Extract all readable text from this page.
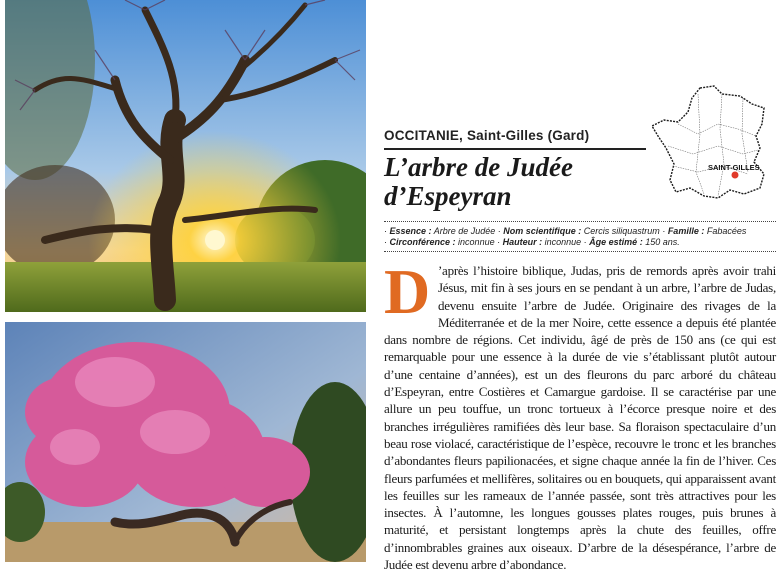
SAINT-GILLES
OCCITANIE, Saint-Gilles (Gard)
L’arbre de Judée
d’Espeyran
· Essence : Arbre de Judée · Nom scientifique : Cercis siliquastrum · Famille : Fabacées
· Circonférence : inconnue · Hauteur : inconnue · Âge estimé : 150 ans.

D ’après l’histoire biblique, Judas, pris de remords après avoir trahi Jésus, mit fin à ses jours en se pendant à un arbre, l’arbre de Judas, devenu ensuite l’arbre de Judée. Originaire des rivages de la Méditerranée et de la mer Noire, cette essence a depuis été plantée dans nombre de régions. Cet individu, âgé de près de 150 ans (ce qui est remarquable pour une essence à la durée de vie s’établissant plutôt autour d’une centaine d’années), est un des fleurons du parc arboré du château d’Espeyran, entre Costières et Camargue gardoise. Il se caractérise par une allure un peu touffue, un tronc tortueux à l’écorce presque noire et des branches irrégulières ramifiées dès leur base. Sa floraison spectaculaire d’un beau rose violacé, caractéristique de l’espèce, recouvre le tronc et les branches d’abondantes fleurs papilionacées, et signe chaque année la fin de l’hiver. Ces fleurs parfumées et mellifères, solitaires ou en bouquets, qui apparaissent avant les feuilles sur les rameaux de l’année passée, sont très attractives pour les insectes. À l’automne, les longues gousses plates rouges, puis brunes à maturité, et persistant longtemps après la chute des feuilles, offre d’innombrables graines aux oiseaux. D’arbre de la désespérance, l’arbre de Judée est devenu arbre d’abondance.
